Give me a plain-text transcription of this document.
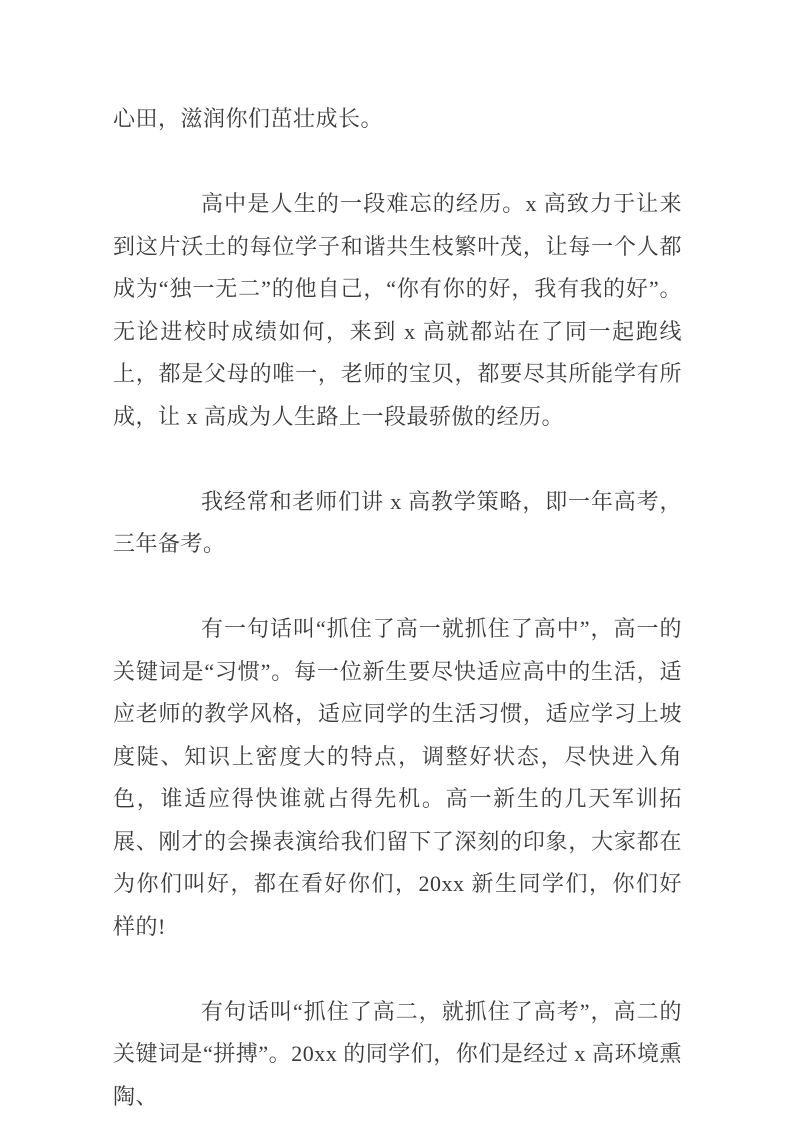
心田，滋润你们茁壮成长。

高中是人生的一段难忘的经历。x 高致力于让来到这片沃土的每位学子和谐共生枝繁叶茂，让每一个人都成为“独一无二”的他自己，“你有你的好，我有我的好”。无论进校时成绩如何，来到 x 高就都站在了同一起跑线上，都是父母的唯一，老师的宝贝，都要尽其所能学有所成，让 x 高成为人生路上一段最骄傲的经历。

我经常和老师们讲 x 高教学策略，即一年高考，三年备考。

有一句话叫“抓住了高一就抓住了高中”，高一的关键词是“习惯”。每一位新生要尽快适应高中的生活，适应老师的教学风格，适应同学的生活习惯，适应学习上坡度陡、知识上密度大的特点，调整好状态，尽快进入角色，谁适应得快谁就占得先机。高一新生的几天军训拓展、刚才的会操表演给我们留下了深刻的印象，大家都在为你们叫好，都在看好你们，20xx 新生同学们，你们好样的!

有句话叫“抓住了高二，就抓住了高考”，高二的关键词是“拼搏”。20xx 的同学们，你们是经过 x 高环境熏陶、
